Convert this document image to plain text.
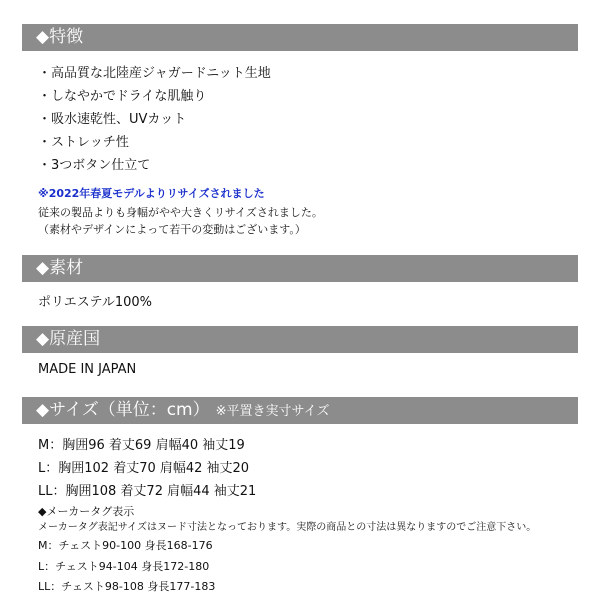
◆特徴
・高品質な北陸産ジャガードニット生地
・しなやかでドライな肌触り
・吸水速乾性、UVカット
・ストレッチ性
・3つボタン仕立て
※2022年春夏モデルよりリサイズされました
従来の製品よりも身幅がやや大きくリサイズされました。
（素材やデザインによって若干の変動はございます。）
◆素材
ポリエステル100%
◆原産国
MADE IN JAPAN
◆サイズ（単位：cm） ※平置き実寸サイズ
M：胸囲96 着丈69 肩幅40 袖丈19
L：胸囲102 着丈70 肩幅42 袖丈20
LL：胸囲108 着丈72 肩幅44 袖丈21
◆メーカータグ表示
メーカータグ表記サイズはヌード寸法となっております。実際の商品との寸法は異なりますのでご注意下さい。
M：チェスト90-100 身長168-176
L：チェスト94-104 身長172-180
LL：チェスト98-108 身長177-183
